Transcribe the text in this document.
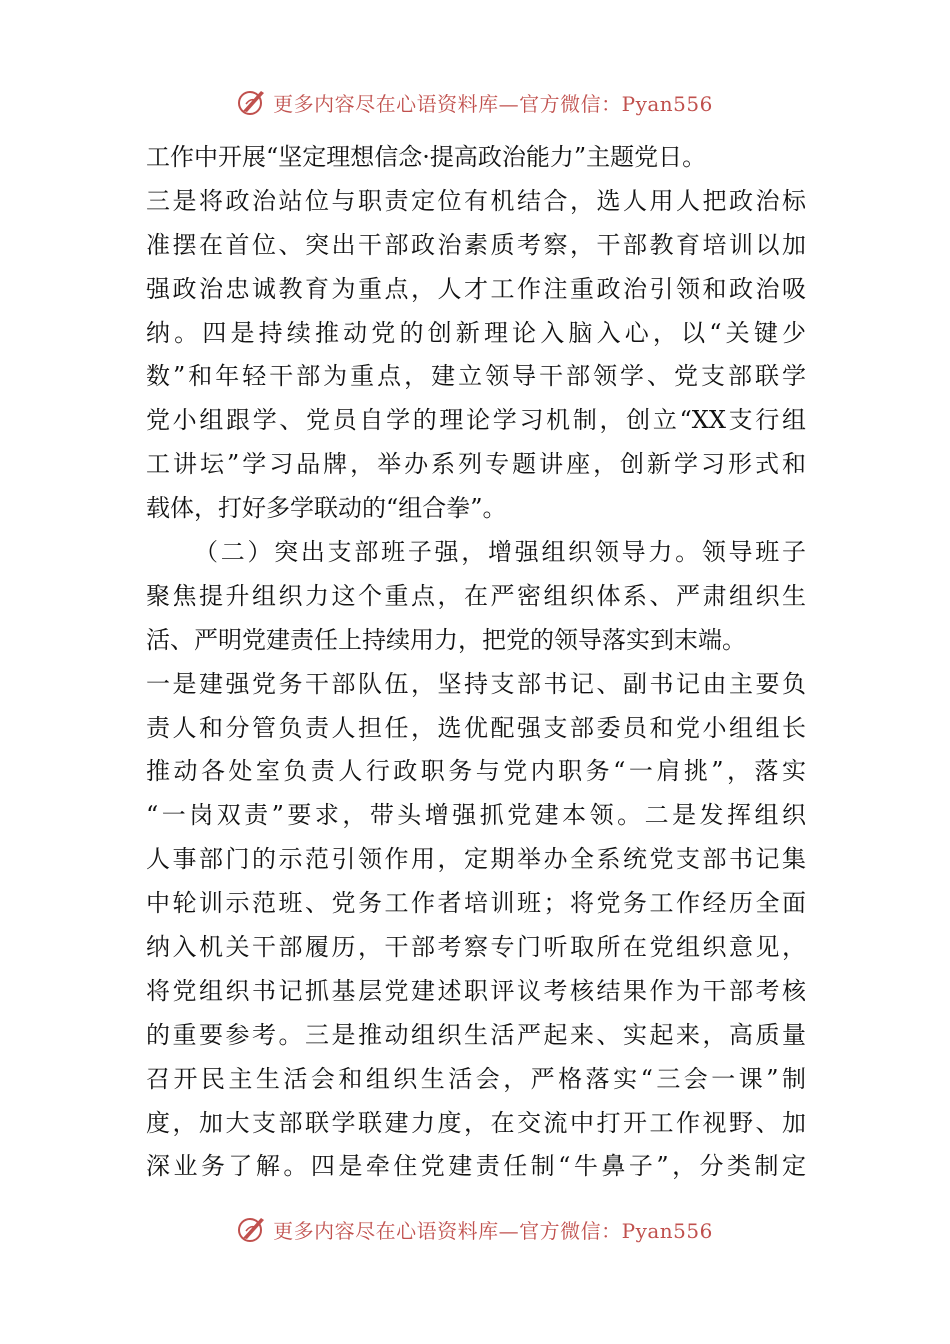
更多内容尽在心语资料库—官方微信：Pyan556
工作中开展“坚定理想信念·提高政治能力”主题党日。
三是将政治站位与职责定位有机结合，选人用人把政治标
准摆在首位、突出干部政治素质考察，干部教育培训以加
强政治忠诚教育为重点，人才工作注重政治引领和政治吸
纳。四是持续推动党的创新理论入脑入心，以“关键少
数”和年轻干部为重点，建立领导干部领学、党支部联学
党小组跟学、党员自学的理论学习机制，创立“XX支行组
工讲坛”学习品牌，举办系列专题讲座，创新学习形式和
载体，打好多学联动的“组合拳”。
（二）突出支部班子强，增强组织领导力。领导班子
聚焦提升组织力这个重点，在严密组织体系、严肃组织生
活、严明党建责任上持续用力，把党的领导落实到末端。
一是建强党务干部队伍，坚持支部书记、副书记由主要负
责人和分管负责人担任，选优配强支部委员和党小组组长
推动各处室负责人行政职务与党内职务“一肩挑”，落实
“一岗双责”要求，带头增强抓党建本领。二是发挥组织
人事部门的示范引领作用，定期举办全系统党支部书记集
中轮训示范班、党务工作者培训班；将党务工作经历全面
纳入机关干部履历，干部考察专门听取所在党组织意见，
将党组织书记抓基层党建述职评议考核结果作为干部考核
的重要参考。三是推动组织生活严起来、实起来，高质量
召开民主生活会和组织生活会，严格落实“三会一课”制
度，加大支部联学联建力度，在交流中打开工作视野、加
深业务了解。四是牵住党建责任制“牛鼻子”，分类制定
更多内容尽在心语资料库—官方微信：Pyan556
